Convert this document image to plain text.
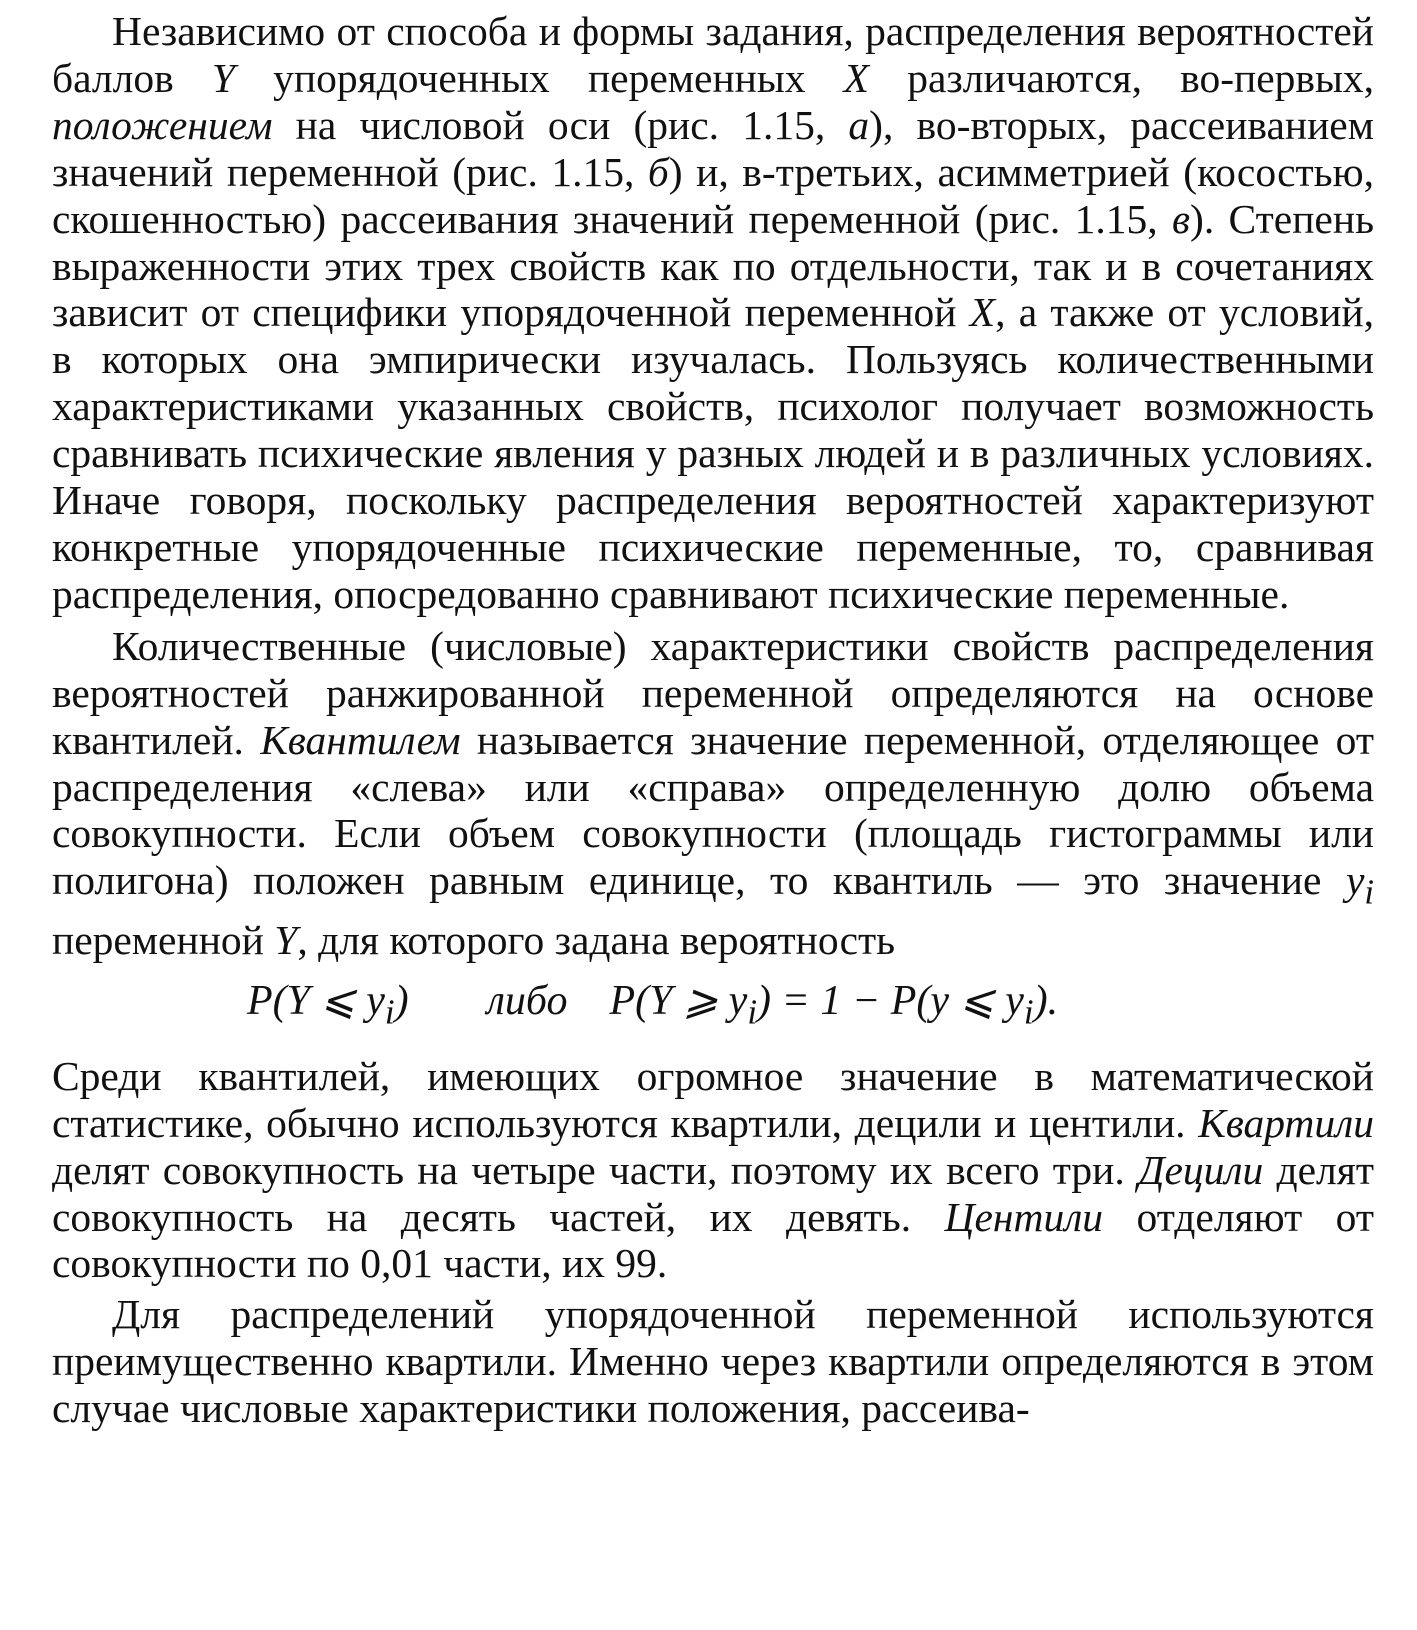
Независимо от способа и формы задания, распределения вероятностей баллов Y упорядоченных переменных X различаются, во-первых, положением на числовой оси (рис. 1.15, а), во-вторых, рассеиванием значений переменной (рис. 1.15, б) и, в-третьих, асимметрией (косостью, скошенностью) рассеивания значений переменной (рис. 1.15, в). Степень выраженности этих трех свойств как по отдельности, так и в сочетаниях зависит от специфики упорядоченной переменной X, а также от условий, в которых она эмпирически изучалась. Пользуясь количественными характеристиками указанных свойств, психолог получает возможность сравнивать психические явления у разных людей и в различных условиях. Иначе говоря, поскольку распределения вероятностей характеризуют конкретные упорядоченные психические переменные, то, сравнивая распределения, опосредованно сравнивают психические переменные.

Количественные (числовые) характеристики свойств распределения вероятностей ранжированной переменной определяются на основе квантилей. Квантилем называется значение переменной, отделяющее от распределения «слева» или «справа» определенную долю объема совокупности. Если объем совокупности (площадь гистограммы или полигона) положен равным единице, то квантиль — это значение $y_i$ переменной Y, для которого задана вероятность

P(Y ⩽ $y_i$) либо P(Y ⩾ $y_i) = 1 - P(y$ ⩽ $y_i$).

Среди квантилей, имеющих огромное значение в математической статистике, обычно используются квартили, децили и центили. Квартили делят совокупность на четыре части, поэтому их всего три. Децили делят совокупность на десять частей, их девять. Центили отделяют от совокупности по 0,01 части, их 99.

Для распределений упорядоченной переменной используются преимущественно квартили. Именно через квартили определяются в этом случае числовые характеристики положения, рассеива-
